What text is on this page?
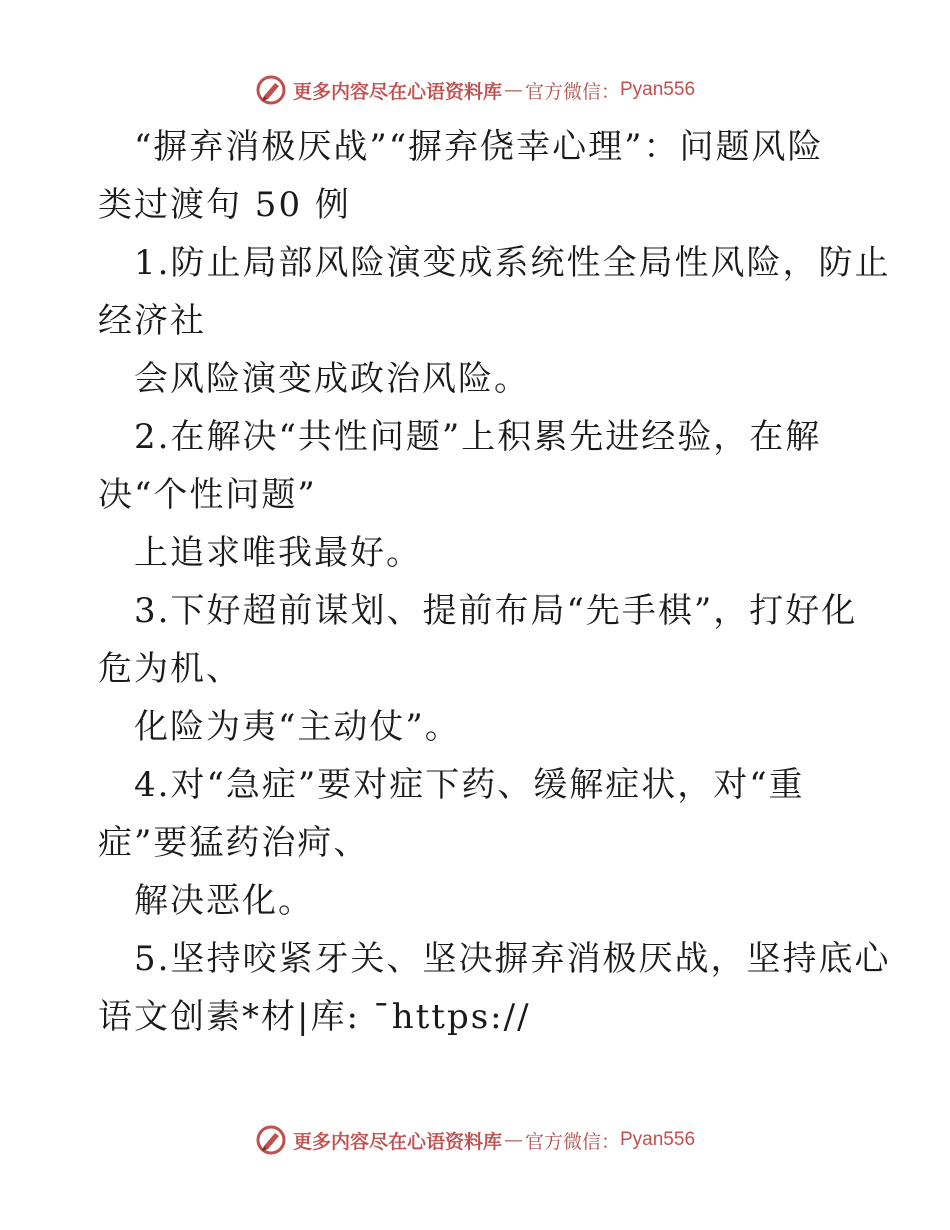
更多内容尽在心语资料库 — 官方微信： Pyan556
“摒弃消极厌战”“摒弃侥幸心理”：问题风险
类过渡句 50 例
1.防止局部风险演变成系统性全局性风险，防止
经济社
会风险演变成政治风险。
2.在解决“共性问题”上积累先进经验，在解
决“个性问题”
上追求唯我最好。
3.下好超前谋划、提前布局“先手棋”，打好化
危为机、
化险为夷“主动仗”。
4.对“急症”要对症下药、缓解症状，对“重
症”要猛药治疴、
解决恶化。
5.坚持咬紧牙关、坚决摒弃消极厌战，坚持底心
语文创素*材|库: ¯https://
更多内容尽在心语资料库 — 官方微信： Pyan556
